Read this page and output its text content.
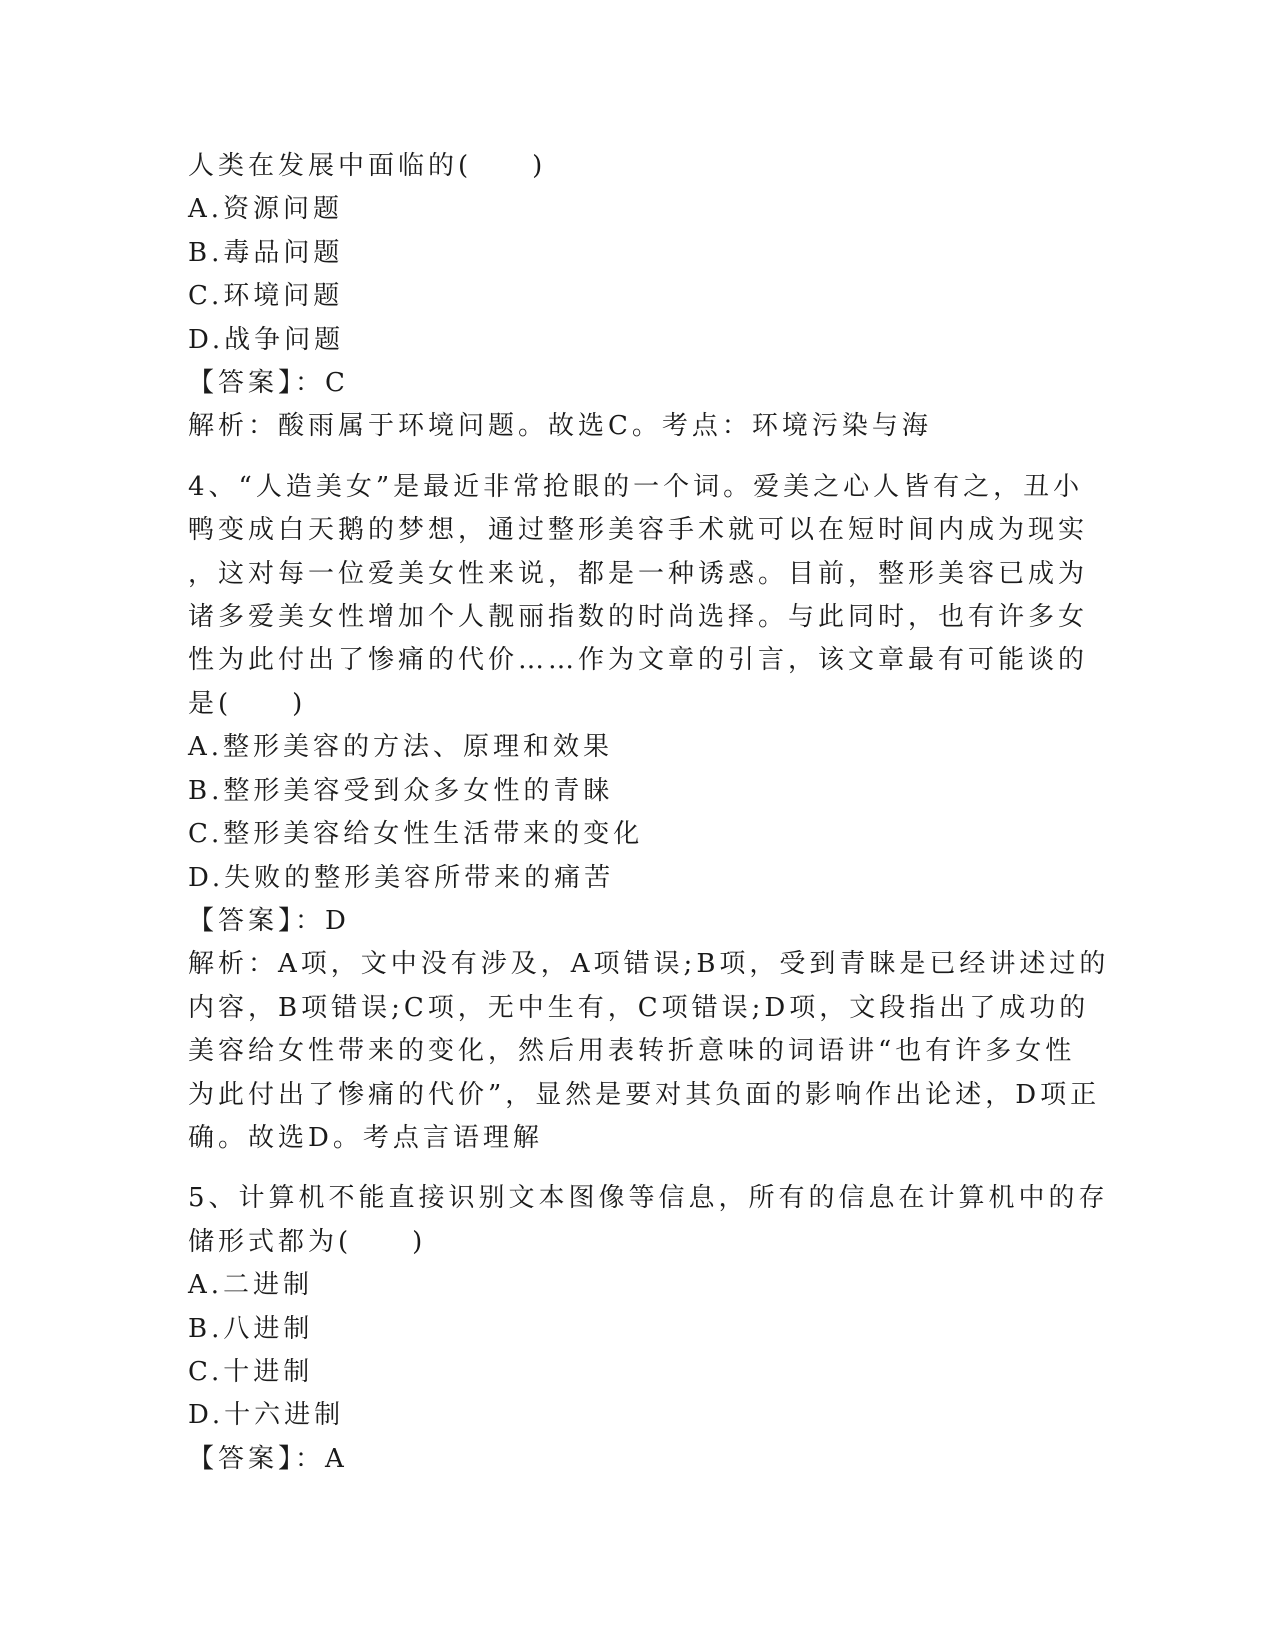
人类在发展中面临的(　　)

A.资源问题

B.毒品问题

C.环境问题

D.战争问题

【答案】：C

解析：酸雨属于环境问题。故选C。考点：环境污染与海

4、“人造美女”是最近非常抢眼的一个词。爱美之心人皆有之，丑小

鸭变成白天鹅的梦想，通过整形美容手术就可以在短时间内成为现实

，这对每一位爱美女性来说，都是一种诱惑。目前，整形美容已成为

诸多爱美女性增加个人靓丽指数的时尚选择。与此同时，也有许多女

性为此付出了惨痛的代价……作为文章的引言，该文章最有可能谈的

是(　　)

A.整形美容的方法、原理和效果

B.整形美容受到众多女性的青睐

C.整形美容给女性生活带来的变化

D.失败的整形美容所带来的痛苦

【答案】：D

解析：A项，文中没有涉及，A项错误;B项，受到青睐是已经讲述过的

内容，B项错误;C项，无中生有，C项错误;D项，文段指出了成功的

美容给女性带来的变化，然后用表转折意味的词语讲“也有许多女性

为此付出了惨痛的代价”，显然是要对其负面的影响作出论述，D项正

确。故选D。考点言语理解

5、计算机不能直接识别文本图像等信息，所有的信息在计算机中的存

储形式都为(　　)

A.二进制

B.八进制

C.十进制

D.十六进制

【答案】：A
